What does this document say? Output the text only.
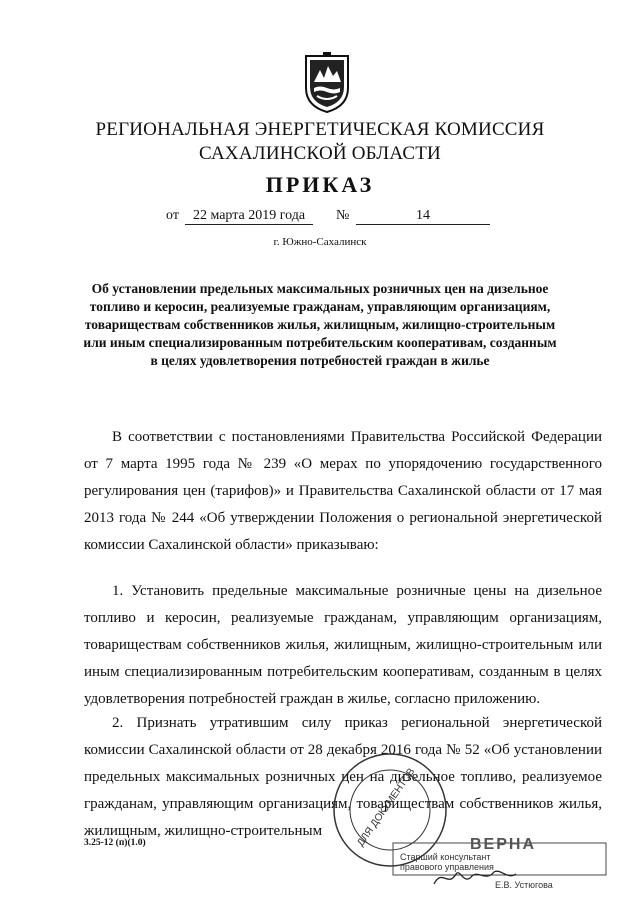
РЕГИОНАЛЬНАЯ ЭНЕРГЕТИЧЕСКАЯ КОМИССИЯ
САХАЛИНСКОЙ ОБЛАСТИ
ПРИКАЗ
от	22 марта 2019 года	№	14
г. Южно-Сахалинск
Об установлении предельных максимальных розничных цен на дизельное топливо и керосин, реализуемые гражданам, управляющим организациям, товариществам собственников жилья, жилищным, жилищно-строительным или иным специализированным потребительским кооперативам, созданным в целях удовлетворения потребностей граждан в жилье
В соответствии с постановлениями Правительства Российской Федерации от 7 марта 1995 года № 239 «О мерах по упорядочению государственного регулирования цен (тарифов)» и Правительства Сахалинской области от 17 мая 2013 года № 244 «Об утверждении Положения о региональной энергетической комиссии Сахалинской области» приказываю:
1. Установить предельные максимальные розничные цены на дизельное топливо и керосин, реализуемые гражданам, управляющим организациям, товариществам собственников жилья, жилищным, жилищно-строительным или иным специализированным потребительским кооперативам, созданным в целях удовлетворения потребностей граждан в жилье, согласно приложению.
2. Признать утратившим силу приказ региональной энергетической комиссии Сахалинской области от 28 декабря 2016 года № 52 «Об установлении предельных максимальных розничных цен на дизельное топливо, реализуемое гражданам, управляющим организациям, товариществам собственников жилья, жилищным, жилищно-строительным
3.25-12 (п)(1.0)	ДЛЯ ДОКУМЕНТОВ	ВЕРНА
Старший консультант
правового управления
Е.В. Устюгова
